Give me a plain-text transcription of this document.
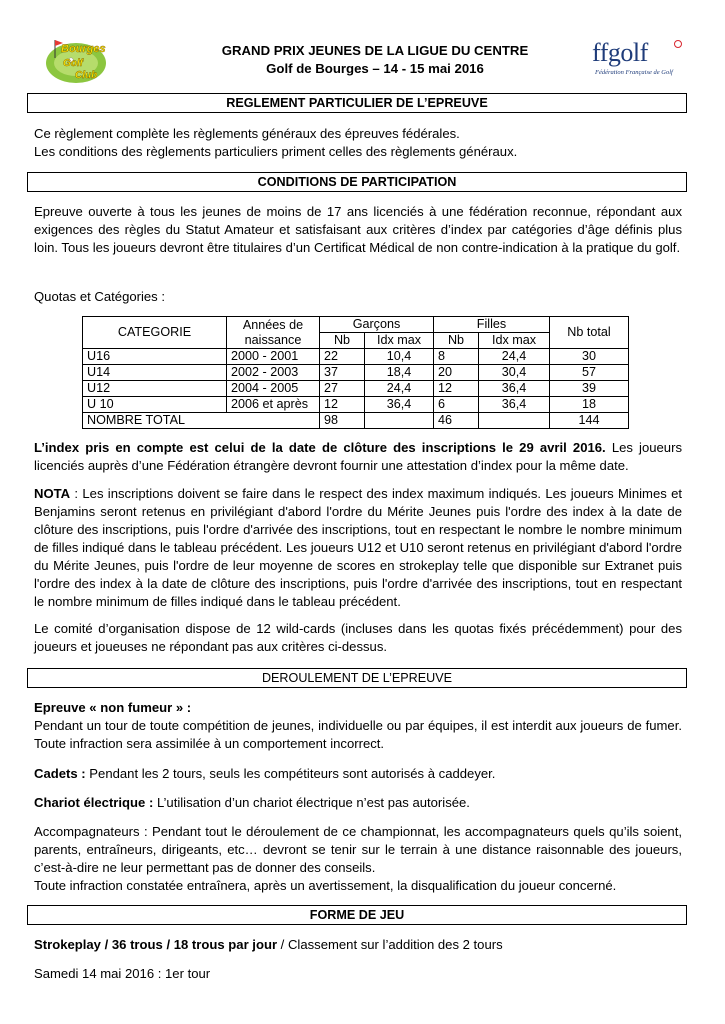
Bourges
Golf
Club
ffgolf
Fédération Française de Golf
GRAND PRIX JEUNES DE LA LIGUE DU CENTRE
Golf de Bourges – 14 - 15 mai 2016
REGLEMENT PARTICULIER DE L’EPREUVE

Ce règlement complète les règlements généraux des épreuves fédérales.

Les conditions des règlements particuliers priment celles des règlements généraux.

CONDITIONS DE PARTICIPATION

Epreuve ouverte à tous les jeunes de moins de 17 ans licenciés à une fédération reconnue, répondant aux exigences des règles du Statut Amateur et satisfaisant aux critères d’index par catégories d’âge définis plus loin. Tous les joueurs devront être titulaires d’un Certificat Médical de non contre-indication à la pratique du golf.

Quotas et Catégories :

CATEGORIE	Années de naissance	Garçons		Filles		Nb total
		Nb	Idx max	Nb	Idx max	
U16	2000 - 2001	22	10,4	8	24,4	30
U14	2002 - 2003	37	18,4	20	30,4	57
U12	2004 - 2005	27	24,4	12	36,4	39
U 10	2006 et après	12	36,4	6	36,4	18
NOMBRE TOTAL		98		46		144

L’index pris en compte est celui de la date de clôture des inscriptions le 29 avril 2016. Les joueurs licenciés auprès d’une Fédération étrangère devront fournir une attestation d’index pour la même date.

NOTA : Les inscriptions doivent se faire dans le respect des index maximum indiqués. Les joueurs Minimes et Benjamins seront retenus en privilégiant d'abord l'ordre du Mérite Jeunes puis l'ordre des index à la date de clôture des inscriptions, puis l'ordre d'arrivée des inscriptions, tout en respectant le nombre le nombre minimum de filles indiqué dans le tableau précédent. Les joueurs U12 et U10 seront retenus en privilégiant d'abord l'ordre du Mérite Jeunes, puis l'ordre de leur moyenne de scores en strokeplay telle que disponible sur Extranet puis l'ordre des index à la date de clôture des inscriptions, puis l'ordre d'arrivée des inscriptions, tout en respectant le nombre minimum de filles indiqué dans le tableau précédent.

Le comité d’organisation dispose de 12 wild-cards (incluses dans les quotas fixés précédemment) pour des joueurs et joueuses ne répondant pas aux critères ci-dessus.

DEROULEMENT DE L’EPREUVE

Epreuve « non fumeur » :

Pendant un tour de toute compétition de jeunes, individuelle ou par équipes, il est interdit aux joueurs de fumer. Toute infraction sera assimilée à un comportement incorrect.

Cadets : Pendant les 2 tours, seuls les compétiteurs sont autorisés à caddeyer.

Chariot électrique : L’utilisation d’un chariot électrique n’est pas autorisée.

Accompagnateurs : Pendant tout le déroulement de ce championnat, les accompagnateurs quels qu’ils soient, parents, entraîneurs, dirigeants, etc… devront se tenir sur le terrain à une distance raisonnable des joueurs, c’est-à-dire ne leur permettant pas de donner des conseils.

Toute infraction constatée entraînera, après un avertissement, la disqualification du joueur concerné.

FORME DE JEU

Strokeplay / 36 trous / 18 trous par jour / Classement sur l’addition des 2 tours

Samedi 14 mai 2016 : 1er tour
